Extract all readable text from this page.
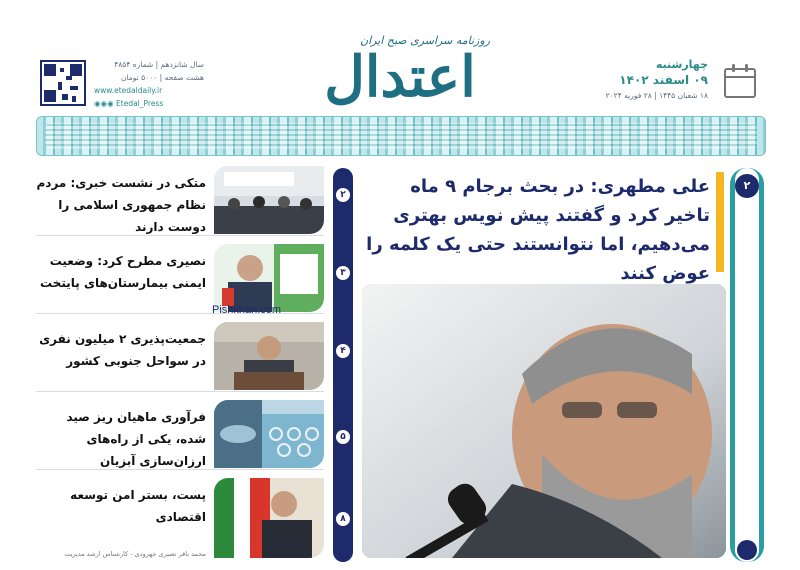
سال شانزدهم | شماره ۴۸۵۴
هشت صفحه | ۵۰۰۰ تومان
www.etedaldaily.ir
◉◉◉ Etedal_Press
روزنامه سراسری صبح ایران
اعتدال	چهارشنبه
۰۹ اسفند ۱۴۰۲
۱۸ شعبان ۱۴۴۵ | ۲۸ فوریه ۲۰۲۴
متکی در نشست خبری: مردم نظام جمهوری اسلامی را دوست دارند
نصیری مطرح کرد: وضعیت ایمنی بیمارستان‌های پایتخت
جمعیت‌پذیری ۲ میلیون نفری در سواحل جنوبی کشور
فرآوری ماهیان ریز صید شده، یکی از راه‌های ارزان‌سازی آبزیان
پست، بستر امن توسعه اقتصادی
محمد باقر نصیری جهرودی - کارشناس ارشد مدیریت
Pishkhan.com
۲
۳
۴
۵
۸
۲
علی مطهری: در بحث برجام ۹ ماه تاخیر کرد و گفتند پیش نویس بهتری می‌دهیم، اما نتوانستند حتی یک کلمه را عوض کنند
